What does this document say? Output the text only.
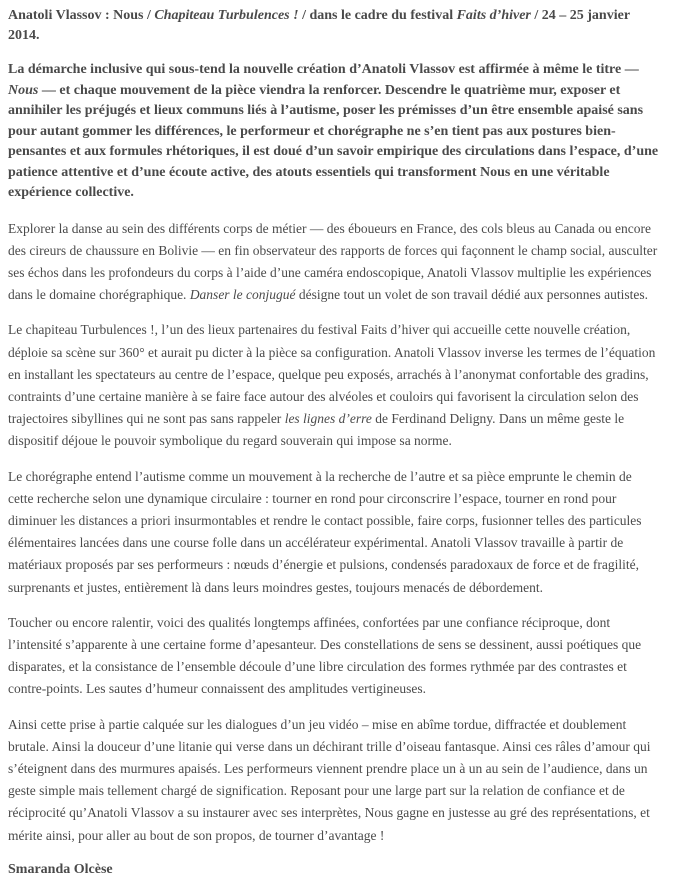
Anatoli Vlassov : Nous / Chapiteau Turbulences ! / dans le cadre du festival Faits d’hiver / 24 – 25 janvier 2014.

La démarche inclusive qui sous-tend la nouvelle création d’Anatoli Vlassov est affirmée à même le titre — Nous — et chaque mouvement de la pièce viendra la renforcer. Descendre le quatrième mur, exposer et annihiler les préjugés et lieux communs liés à l’autisme, poser les prémisses d’un être ensemble apaisé sans pour autant gommer les différences, le performeur et chorégraphe ne s’en tient pas aux postures bien-pensantes et aux formules rhétoriques, il est doué d’un savoir empirique des circulations dans l’espace, d’une patience attentive et d’une écoute active, des atouts essentiels qui transforment Nous en une véritable expérience collective.

Explorer la danse au sein des différents corps de métier — des éboueurs en France, des cols bleus au Canada ou encore des cireurs de chaussure en Bolivie — en fin observateur des rapports de forces qui façonnent le champ social, ausculter ses échos dans les profondeurs du corps à l’aide d’une caméra endoscopique, Anatoli Vlassov multiplie les expériences dans le domaine chorégraphique. Danser le conjugué désigne tout un volet de son travail dédié aux personnes autistes.

Le chapiteau Turbulences !, l’un des lieux partenaires du festival Faits d’hiver qui accueille cette nouvelle création, déploie sa scène sur 360° et aurait pu dicter à la pièce sa configuration. Anatoli Vlassov inverse les termes de l’équation en installant les spectateurs au centre de l’espace, quelque peu exposés, arrachés à l’anonymat confortable des gradins, contraints d’une certaine manière à se faire face autour des alvéoles et couloirs qui favorisent la circulation selon des trajectoires sibyllines qui ne sont pas sans rappeler les lignes d’erre de Ferdinand Deligny. Dans un même geste le dispositif déjoue le pouvoir symbolique du regard souverain qui impose sa norme.

Le chorégraphe entend l’autisme comme un mouvement à la recherche de l’autre et sa pièce emprunte le chemin de cette recherche selon une dynamique circulaire : tourner en rond pour circonscrire l’espace, tourner en rond pour diminuer les distances a priori insurmontables et rendre le contact possible, faire corps, fusionner telles des particules élémentaires lancées dans une course folle dans un accélérateur expérimental. Anatoli Vlassov travaille à partir de matériaux proposés par ses performeurs : nœuds d’énergie et pulsions, condensés paradoxaux de force et de fragilité, surprenants et justes, entièrement là dans leurs moindres gestes, toujours menacés de débordement.

Toucher ou encore ralentir, voici des qualités longtemps affinées, confortées par une confiance réciproque, dont l’intensité s’apparente à une certaine forme d’apesanteur. Des constellations de sens se dessinent, aussi poétiques que disparates, et la consistance de l’ensemble découle d’une libre circulation des formes rythmée par des contrastes et contre-points. Les sautes d’humeur connaissent des amplitudes vertigineuses.

Ainsi cette prise à partie calquée sur les dialogues d’un jeu vidéo – mise en abîme tordue, diffractée et doublement brutale. Ainsi la douceur d’une litanie qui verse dans un déchirant trille d’oiseau fantasque. Ainsi ces râles d’amour qui s’éteignent dans des murmures apaisés. Les performeurs viennent prendre place un à un au sein de l’audience, dans un geste simple mais tellement chargé de signification. Reposant pour une large part sur la relation de confiance et de réciprocité qu’Anatoli Vlassov a su instaurer avec ses interprètes, Nous gagne en justesse au gré des représentations, et mérite ainsi, pour aller au bout de son propos, de tourner d’avantage !

Smaranda Olcèse
